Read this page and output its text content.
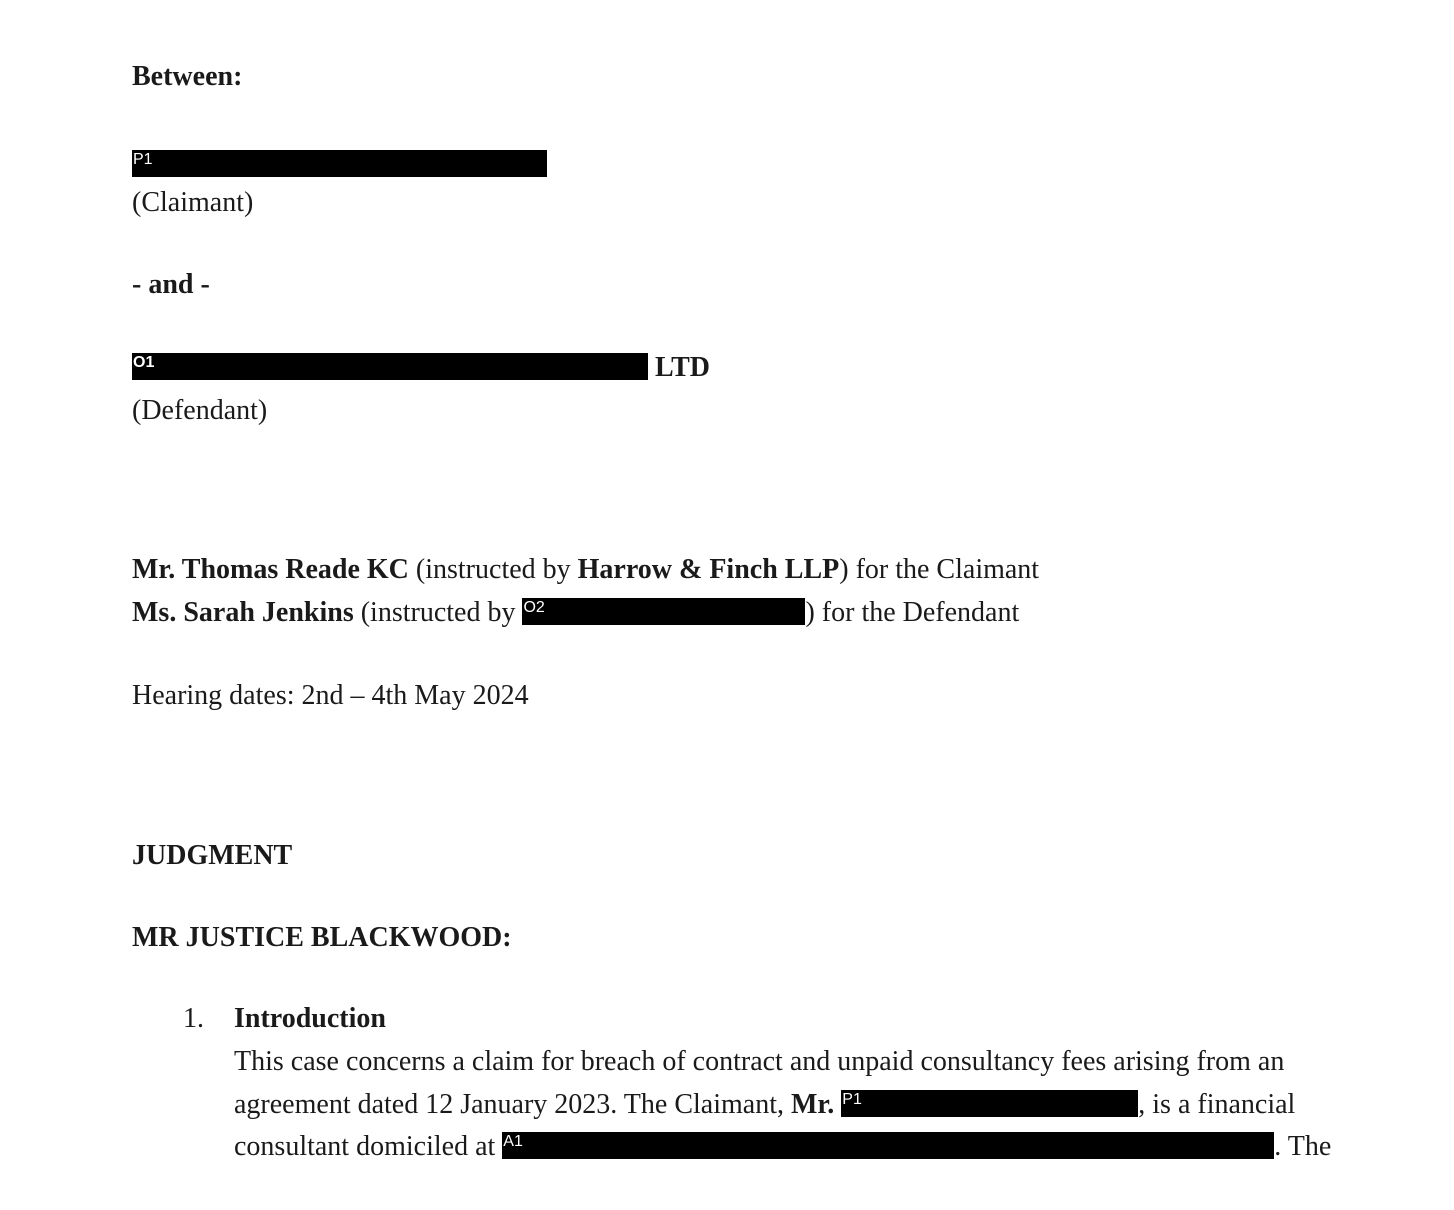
Between:
P1
(Claimant)
- and -
O1	LTD
(Defendant)
Mr. Thomas Reade KC (instructed by Harrow & Finch LLP) for the Claimant
Ms. Sarah Jenkins (instructed by O2	) for the Defendant
Hearing dates: 2nd – 4th May 2024
JUDGMENT
MR JUSTICE BLACKWOOD:
1. Introduction
This case concerns a claim for breach of contract and unpaid consultancy fees arising from an
agreement dated 12 January 2023. The Claimant, Mr. P1	, is a financial
consultant domiciled at A1	. The
